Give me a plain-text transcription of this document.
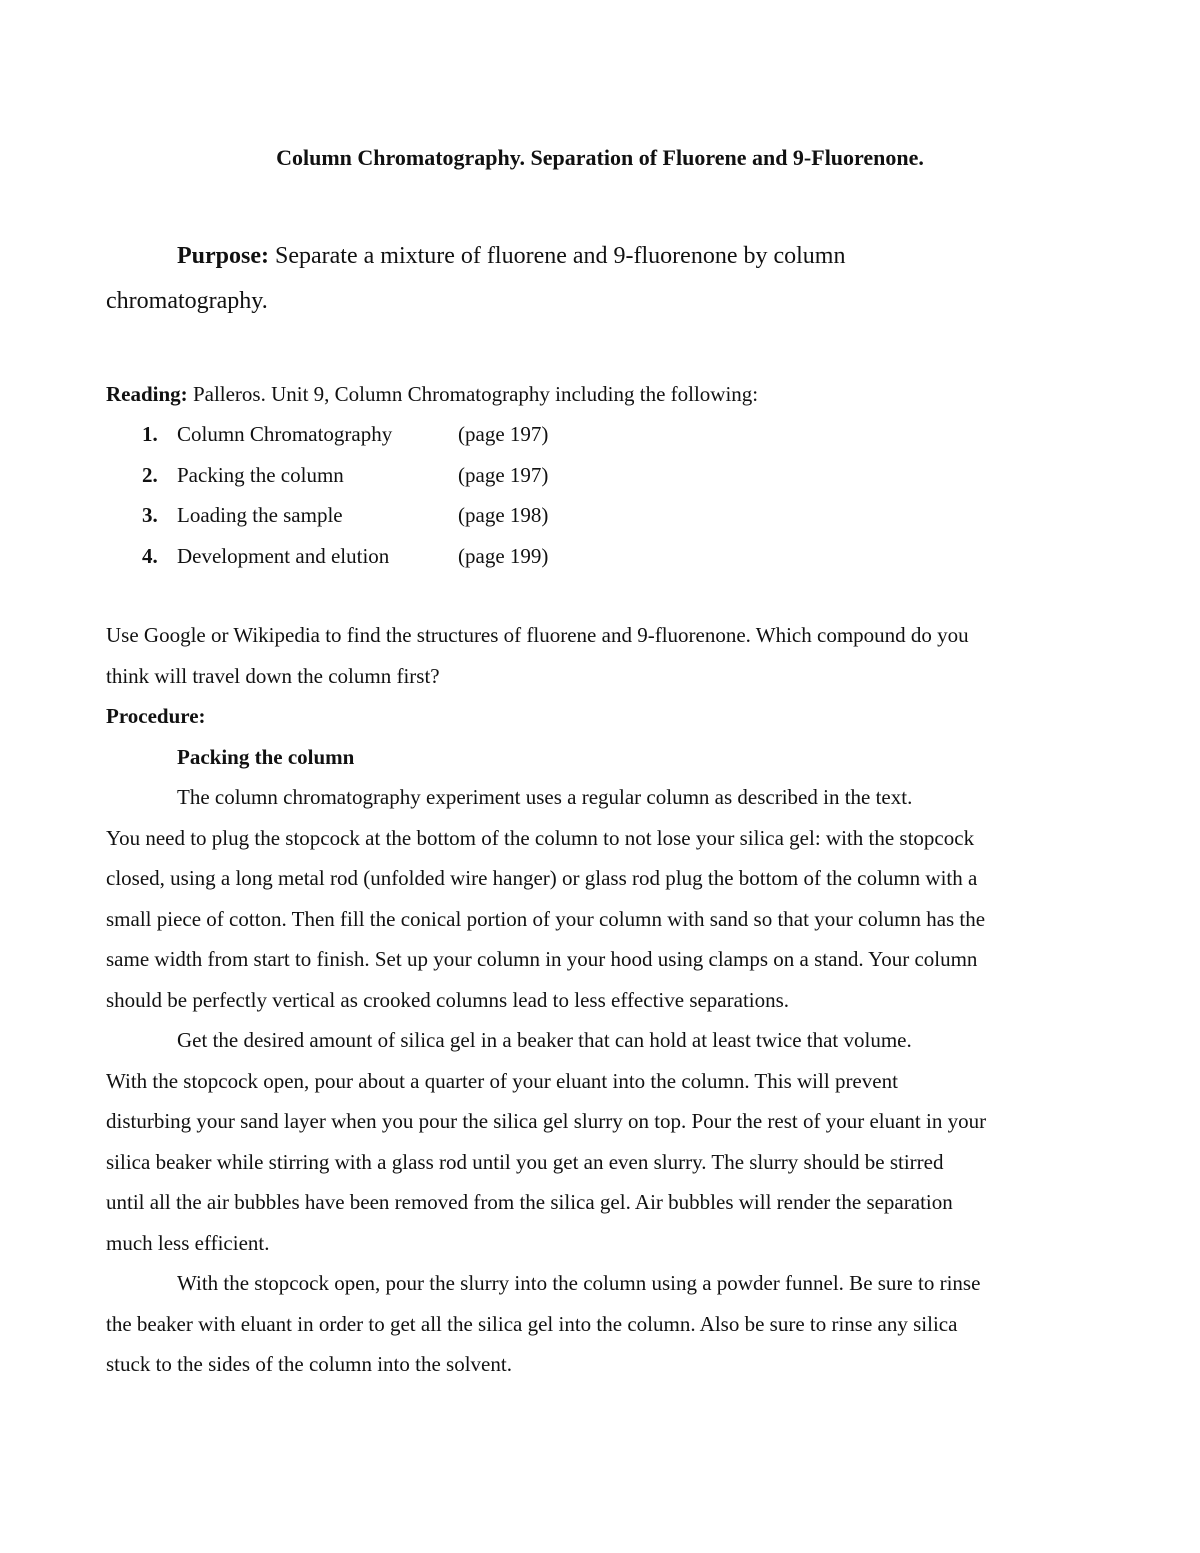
Column Chromatography. Separation of Fluorene and 9-Fluorenone.
Purpose: Separate a mixture of fluorene and 9-fluorenone by column
chromatography.
Reading: Palleros. Unit 9, Column Chromatography including the following:
1. Column Chromatography	(page 197)
2. Packing the column	(page 197)
3. Loading the sample	(page 198)
4. Development and elution	(page 199)
Use Google or Wikipedia to find the structures of fluorene and 9-fluorenone. Which compound do you
think will travel down the column first?
Procedure:
Packing the column
The column chromatography experiment uses a regular column as described in the text.
You need to plug the stopcock at the bottom of the column to not lose your silica gel: with the stopcock
closed, using a long metal rod (unfolded wire hanger) or glass rod plug the bottom of the column with a
small piece of cotton. Then fill the conical portion of your column with sand so that your column has the
same width from start to finish. Set up your column in your hood using clamps on a stand. Your column
should be perfectly vertical as crooked columns lead to less effective separations.
Get the desired amount of silica gel in a beaker that can hold at least twice that volume.
With the stopcock open, pour about a quarter of your eluant into the column. This will prevent
disturbing your sand layer when you pour the silica gel slurry on top. Pour the rest of your eluant in your
silica beaker while stirring with a glass rod until you get an even slurry. The slurry should be stirred
until all the air bubbles have been removed from the silica gel. Air bubbles will render the separation
much less efficient.
With the stopcock open, pour the slurry into the column using a powder funnel. Be sure to rinse
the beaker with eluant in order to get all the silica gel into the column. Also be sure to rinse any silica
stuck to the sides of the column into the solvent.
